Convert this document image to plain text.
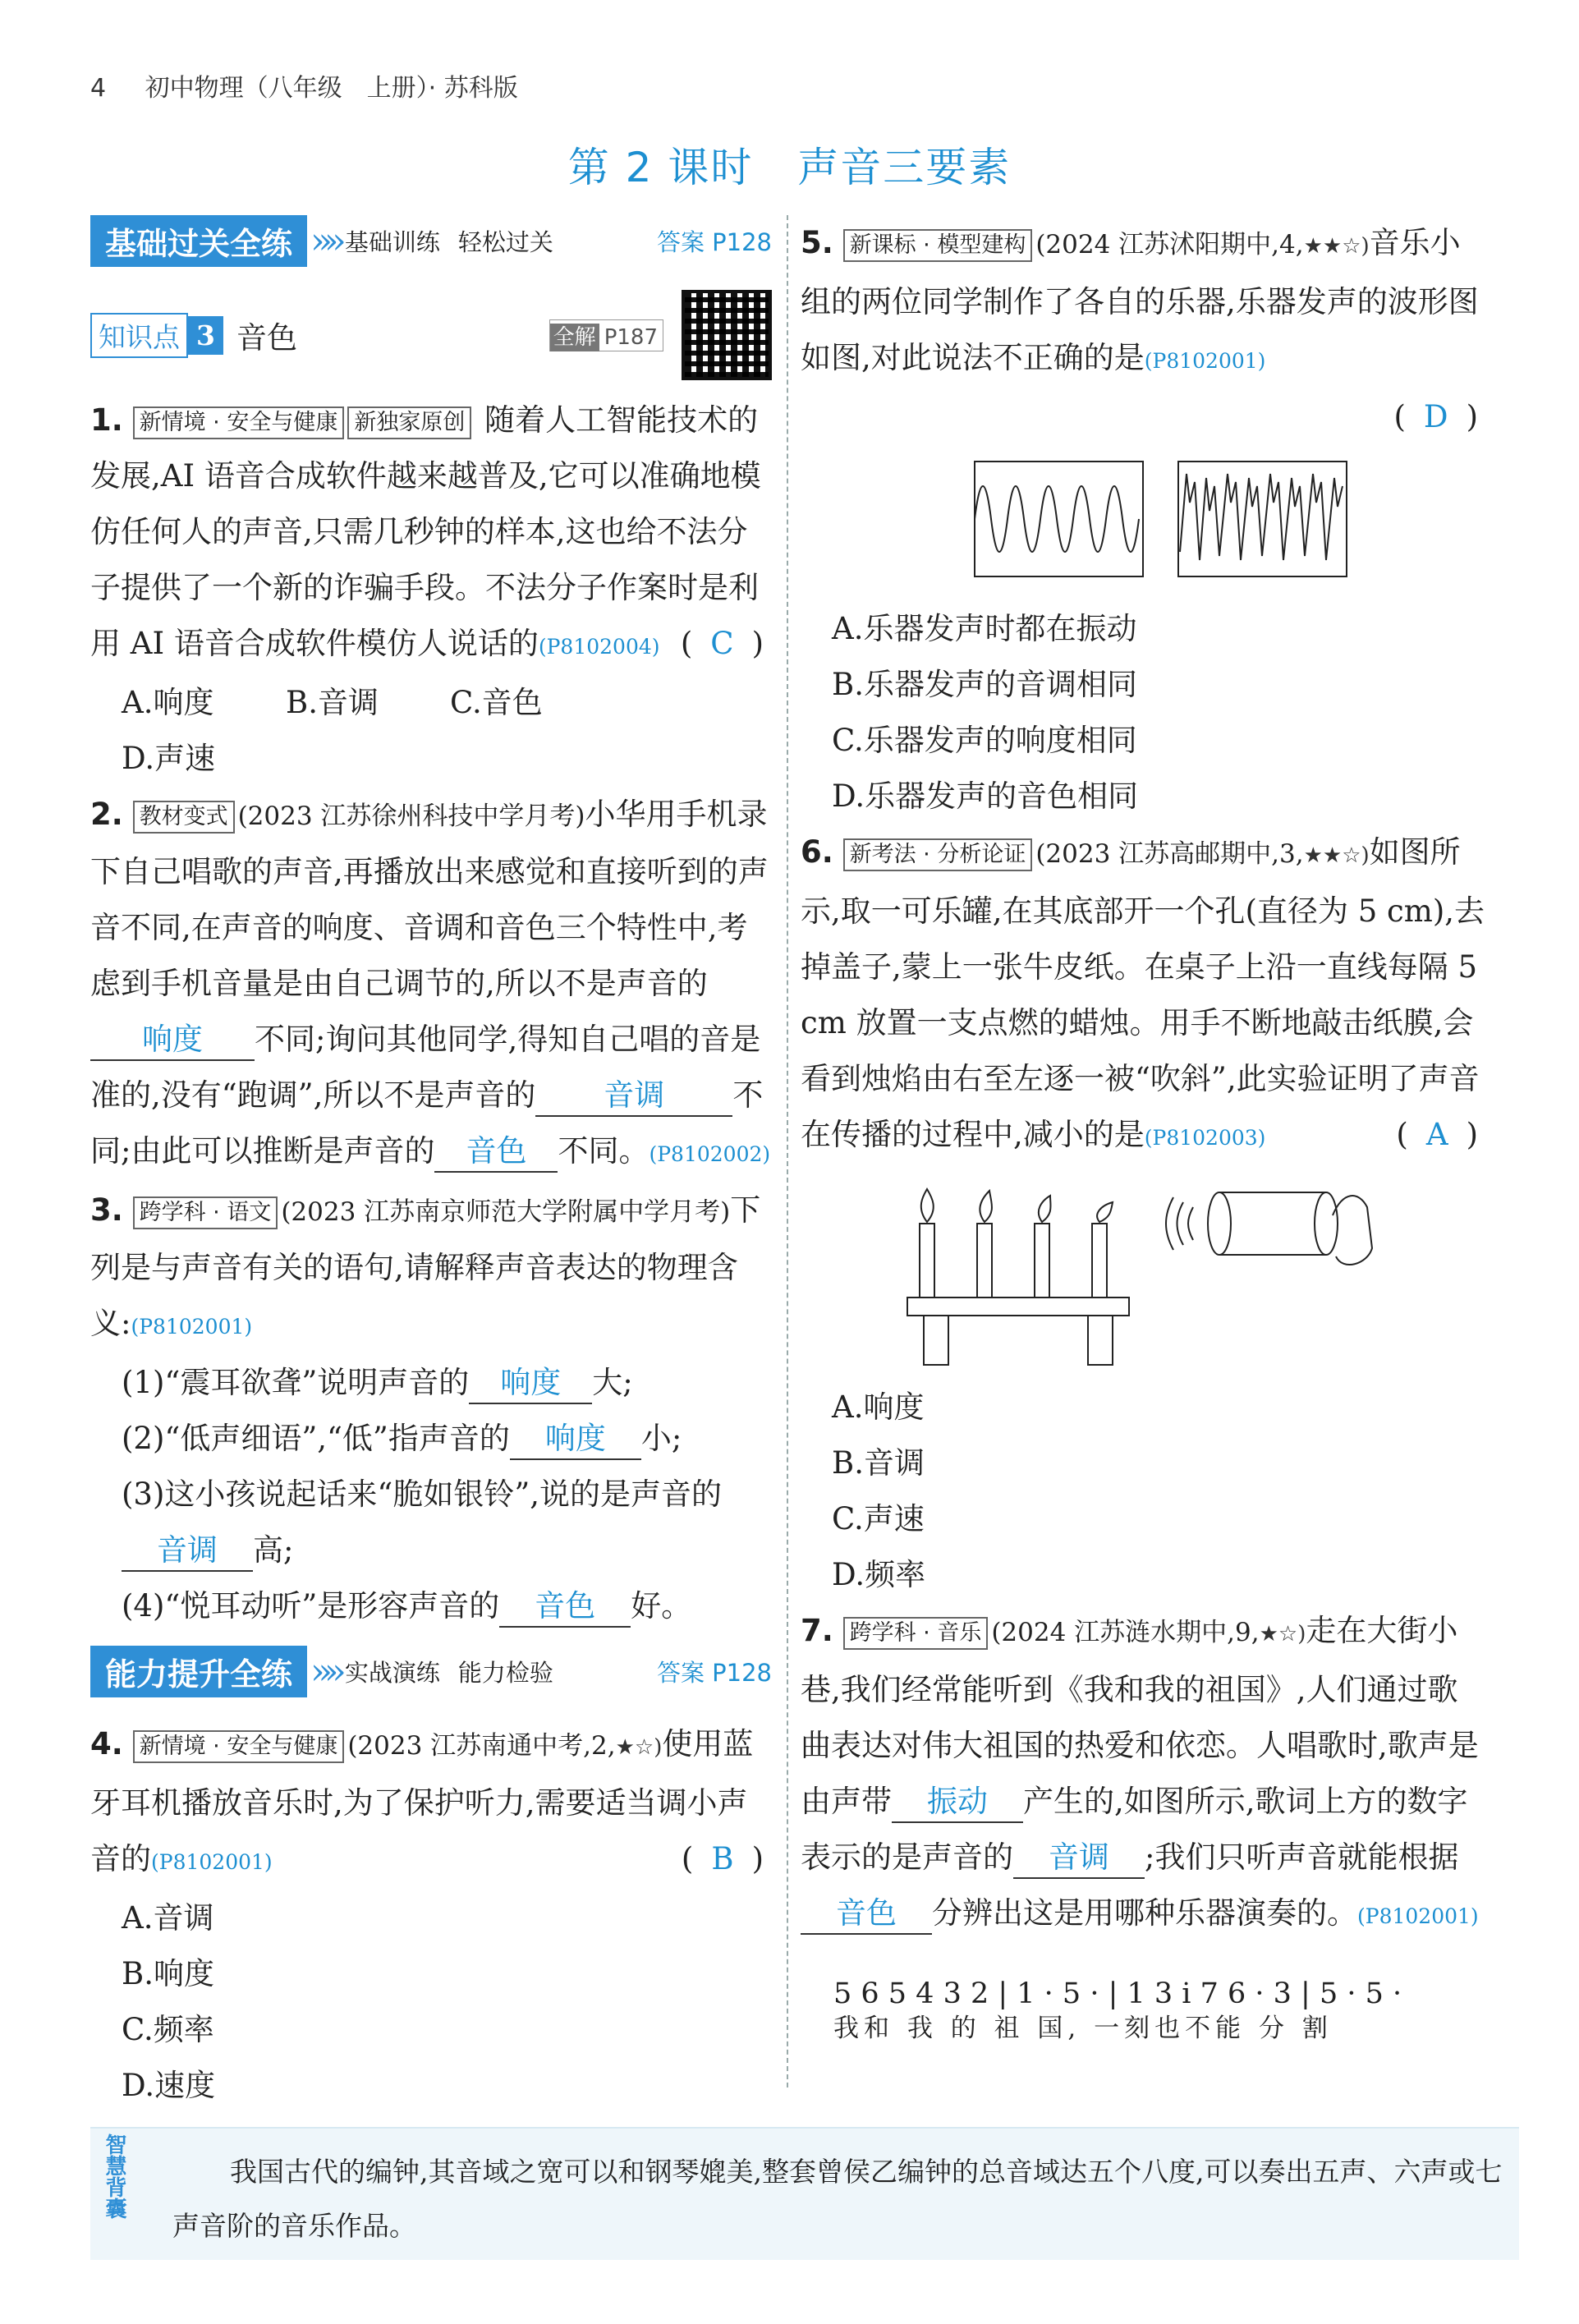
4 初中物理（八年级　上册）· 苏科版
第 2 课时 声音三要素
基础过关全练 »» 基础训练 轻松过关	答案 P128
知识点 3 音色	全解 P187
1. 新情境 · 安全与健康 新独家原创 随着人工智能技术的发展,AI 语音合成软件越来越普及,它可以准确地模仿任何人的声音,只需几秒钟的样本,这也给不法分子提供了一个新的诈骗手段。不法分子作案时是利用 AI 语音合成软件模仿人说话的(P8102004) ( C )
A.响度	B.音调	C.音色
D.声速
2. 教材变式 (2023 江苏徐州科技中学月考)小华用手机录下自己唱歌的声音,再播放出来感觉和直接听到的声音不同,在声音的响度、音调和音色三个特性中,考虑到手机音量是由自己调节的,所以不是声音的响度 不同;询问其他同学,得知自己唱的音是准的,没有“跑调”,所以不是声音的 音调 不同;由此可以推断是声音的 音色 不同。(P8102002)
3. 跨学科 · 语文 (2023 江苏南京师范大学附属中学月考)下列是与声音有关的语句,请解释声音表达的物理含义:(P8102001)
(1)“震耳欲聋”说明声音的 响度 大;
(2)“低声细语”,“低”指声音的 响度 小;
(3)这小孩说起话来“脆如银铃”,说的是声音的音调 高;
(4)“悦耳动听”是形容声音的 音色 好。
能力提升全练 »» 实战演练 能力检验	答案 P128
4. 新情境 · 安全与健康 (2023 江苏南通中考,2,★☆)使用蓝牙耳机播放音乐时,为了保护听力,需要适当调小声音的(P8102001)	( B )
A.音调
B.响度
C.频率
D.速度
5. 新课标 · 模型建构 (2024 江苏沭阳期中,4,★★☆)音乐小组的两位同学制作了各自的乐器,乐器发声的波形图如图,对此说法不正确的是(P8102001)
( D )
A.乐器发声时都在振动
B.乐器发声的音调相同
C.乐器发声的响度相同
D.乐器发声的音色相同
6. 新考法 · 分析论证 (2023 江苏高邮期中,3,★★☆)如图所示,取一可乐罐,在其底部开一个孔(直径为 5 cm),去掉盖子,蒙上一张牛皮纸。在桌子上沿一直线每隔 5 cm 放置一支点燃的蜡烛。用手不断地敲击纸膜,会看到烛焰由右至左逐一被“吹斜”,此实验证明了声音在传播的过程中,减小的是(P8102003)	( A )
A.响度
B.音调
C.声速
D.频率
7. 跨学科 · 音乐 (2024 江苏涟水期中,9,★☆)走在大街小巷,我们经常能听到《我和我的祖国》,人们通过歌曲表达对伟大祖国的热爱和依恋。人唱歌时,歌声是由声带 振动 产生的,如图所示,歌词上方的数字表示的是声音的 音调 ;我们只听声音就能根据音色 分辨出这是用哪种乐器演奏的。(P8102001)
5 6 5 4 3 2 | 1 · 5 · | 1 3 i 7 6 · 3 | 5 · 5 ·
我和 我 的 祖 国, 一刻也不能 分 割
智慧背囊	我国古代的编钟,其音域之宽可以和钢琴媲美,整套曾侯乙编钟的总音域达五个八度,可以奏出五声、六声或七声音阶的音乐作品。
